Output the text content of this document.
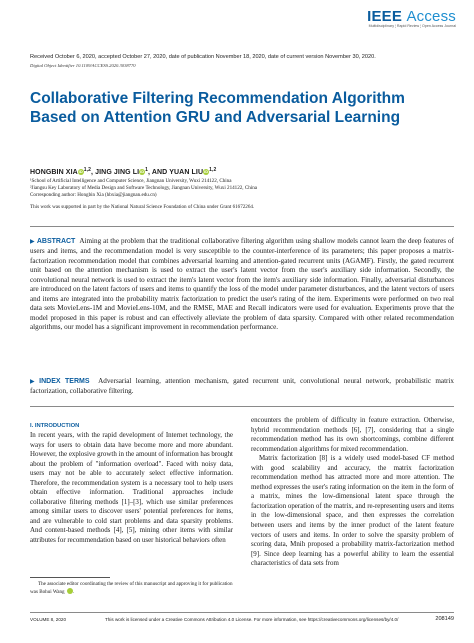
IEEE Access
Multidisciplinary ¦ Rapid Review ¦ Open Access Journal
Received October 6, 2020, accepted October 27, 2020, date of publication November 18, 2020, date of current version November 30, 2020.
Digital Object Identifier 10.1109/ACCESS.2020.3038770
Collaborative Filtering Recommendation Algorithm Based on Attention GRU and Adversarial Learning
HONGBIN XIAiD$^{1,2}$, JING JING LIiD$^1$, AND YUAN LIUiD$^{1,2}$
¹School of Artificial Intelligence and Computer Science, Jiangnan University, Wuxi 214122, China
²Jiangsu Key Laboratory of Media Design and Software Technology, Jiangnan University, Wuxi 214122, China
Corresponding author: Hongbin Xia (hbxia@jiangnan.edu.cn)
This work was supported in part by the National Natural Science Foundation of China under Grant 61672264.
▶ ABSTRACT Aiming at the problem that the traditional collaborative filtering algorithm using shallow models cannot learn the deep features of users and items, and the recommendation model is very susceptible to the counter-interference of its parameters; this paper proposes a matrix-factorization recommendation model that combines adversarial learning and attention-gated recurrent units (AGAMF). Firstly, the gated recurrent unit based on the attention mechanism is used to extract the user's latent vector from the user's auxiliary side information. Secondly, the convolutional neural network is used to extract the item's latent vector from the item's auxiliary side information. Finally, adversarial disturbances are introduced on the latent factors of users and items to quantify the loss of the model under parameter disturbances, and the latent vectors of users and items are integrated into the probability matrix factorization to predict the user's rating of the item. Experiments were performed on two real data sets MovieLens-1M and MovieLens-10M, and the RMSE, MAE and Recall indicators were used for evaluation. Experiments prove that the model proposed in this paper is robust and can effectively alleviate the problem of data sparsity. Compared with other related recommendation algorithms, our model has a significant improvement in recommendation performance.
▶ INDEX TERMS Adversarial learning, attention mechanism, gated recurrent unit, convolutional neural network, probabilistic matrix factorization, collaborative filtering.
I. INTRODUCTION

In recent years, with the rapid development of Internet technology, the ways for users to obtain data have become more and more abundant. However, the explosive growth in the amount of information has brought about the problem of "information overload". Faced with noisy data, users may not be able to accurately select effective information. Therefore, the recommendation system is a necessary tool to help users obtain effective information. Traditional approaches include collaborative filtering methods [1]–[3], which use similar preferences among similar users to discover users' potential preferences for items, and are vulnerable to cold start problems and data sparsity problems. And content-based methods [4], [5], mining other items with similar attributes for recommendation based on user historical behaviors often

The associate editor coordinating the review of this manuscript and approving it for publication was Bohui Wang	iD.

encounters the problem of difficulty in feature extraction. Otherwise, hybrid recommendation methods [6], [7], considering that a single recommendation method has its own shortcomings, combine different recommendation algorithms for mixed recommendation.

Matrix factorization [8] is a widely used model-based CF method with good scalability and accuracy, the matrix factorization recommendation method has attracted more and more attention. The method expresses the user's rating information on the item in the form of a matrix, mines the low-dimensional latent space through the factorization operation of the matrix, and re-representing users and items in the low-dimensional space, and then expresses the correlation between users and items by the inner product of the latent feature vectors of users and items. In order to solve the sparsity problem of scoring data, Mnih proposed a probability matrix-factorization method [9]. Since deep learning has a powerful ability to learn the essential characteristics of data sets from

VOLUME 8, 2020	This work is licensed under a Creative Commons Attribution 4.0 License. For more information, see https://creativecommons.org/licenses/by/4.0/	208149
